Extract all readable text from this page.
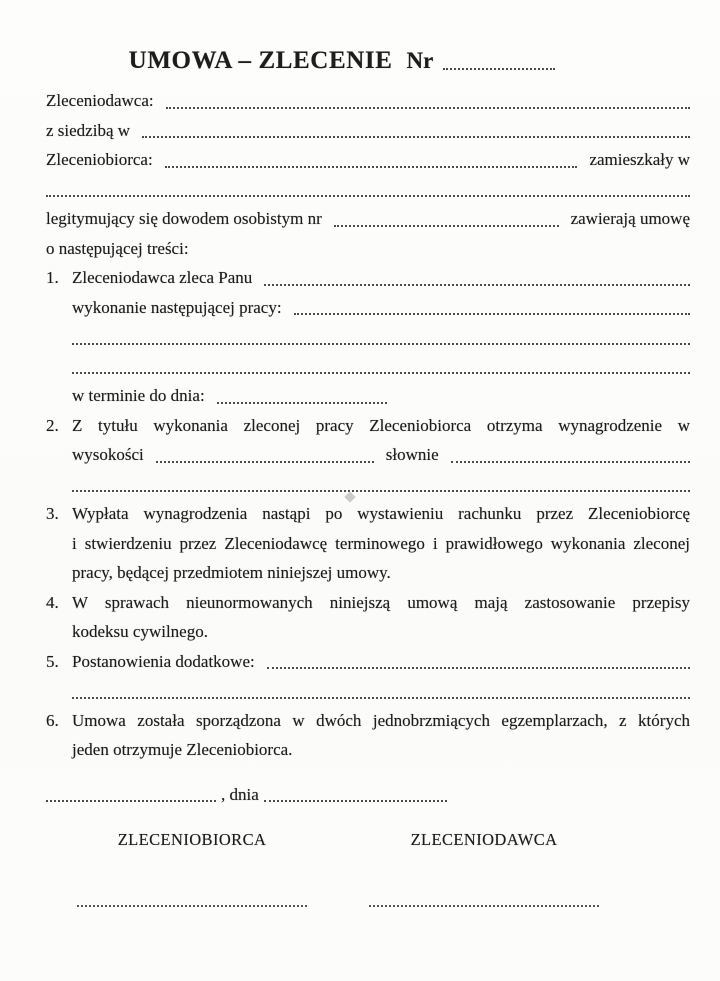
UMOWA – ZLECENIE Nr
Zleceniodawca:
z siedzibą w
Zleceniobiorca:	zamieszkały w
legitymujący się dowodem osobistym nr	zawierają umowę
o następującej treści:
1. Zleceniodawca zleca Panu
wykonanie następującej pracy:
w terminie do dnia:
2. Z tytułu wykonania zleconej pracy Zleceniobiorca otrzyma wynagrodzenie w
wysokości	słownie
3. Wypłata wynagrodzenia nastąpi po wystawieniu rachunku przez Zleceniobiorcę
i stwierdzeniu przez Zleceniodawcę terminowego i prawidłowego wykonania zleconej
pracy, będącej przedmiotem niniejszej umowy.
4. W sprawach nieunormowanych niniejszą umową mają zastosowanie przepisy
kodeksu cywilnego.
5. Postanowienia dodatkowe:
6. Umowa została sporządzona w dwóch jednobrzmiących egzemplarzach, z których
jeden otrzymuje Zleceniobiorca.
, dnia
ZLECENIOBIORCA	ZLECENIODAWCA
